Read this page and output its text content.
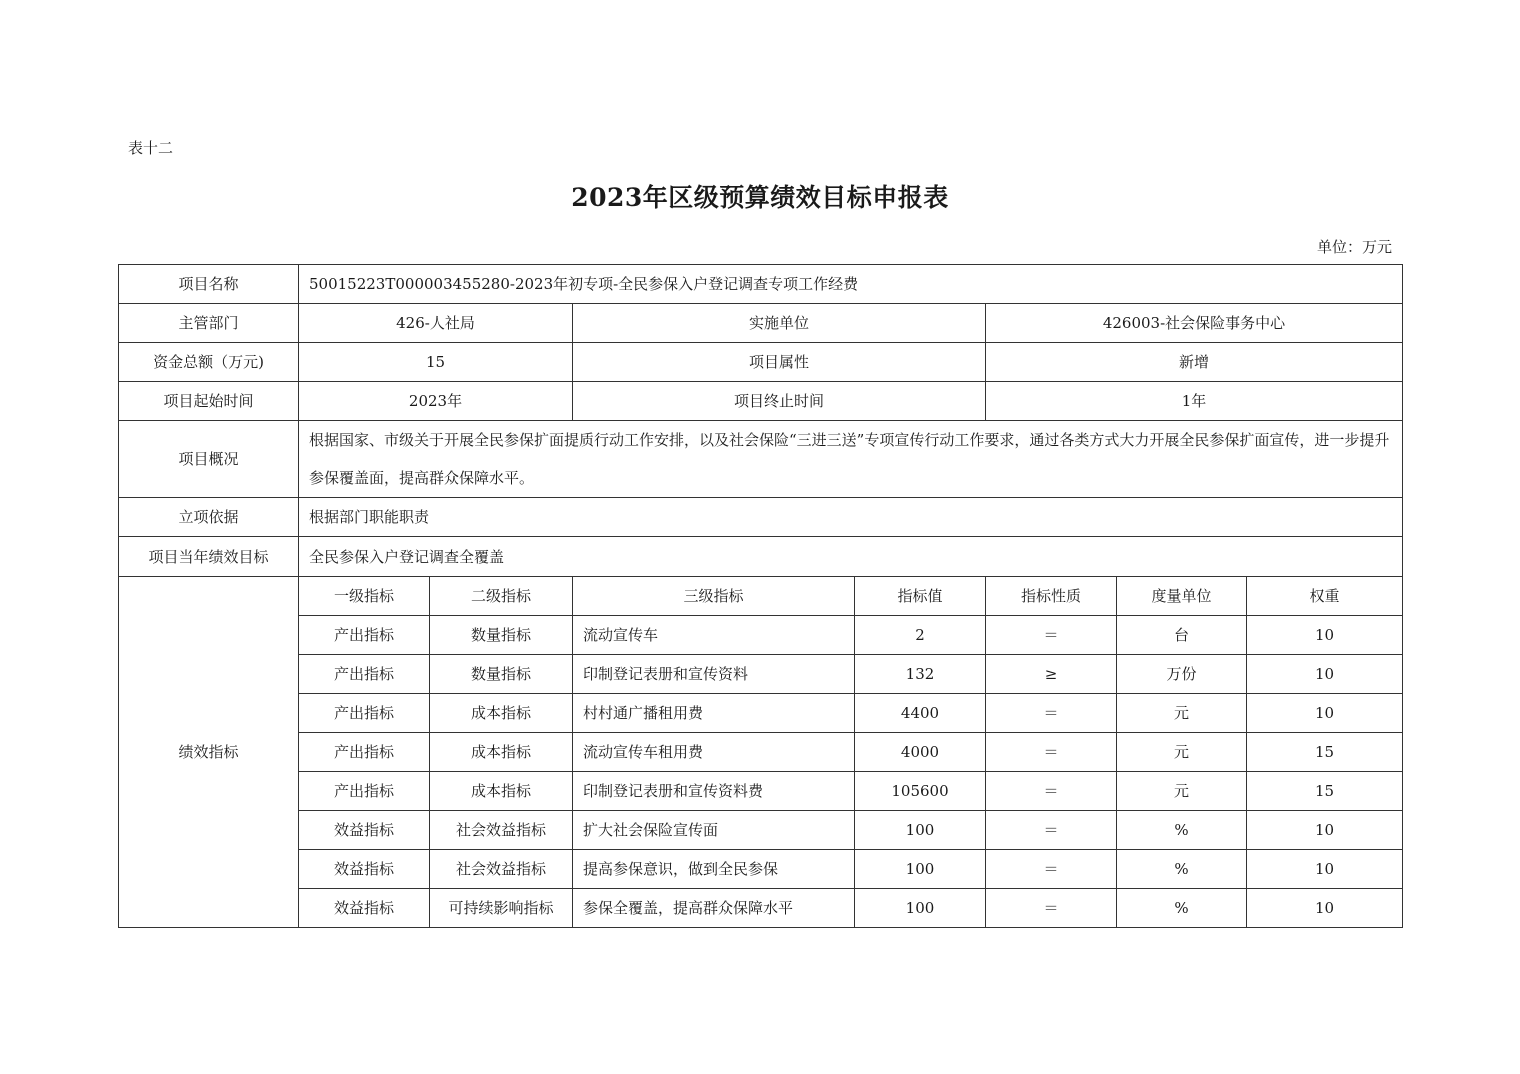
表十二
2023年区级预算绩效目标申报表
单位：万元
项目名称	50015223T000003455280-2023年初专项-全民参保入户登记调查专项工作经费						
主管部门	426-人社局		实施单位		426003-社会保险事务中心		
资金总额（万元)	15		项目属性		新增		
项目起始时间	2023年		项目终止时间		1年		
项目概况	根据国家、市级关于开展全民参保扩面提质行动工作安排，以及社会保险“三进三送”专项宣传行动工作要求，通过各类方式大力开展全民参保扩面宣传，进一步提升参保覆盖面，提高群众保障水平。						
立项依据	根据部门职能职责						
项目当年绩效目标	全民参保入户登记调查全覆盖						
绩效指标	一级指标	二级指标	三级指标	指标值	指标性质	度量单位	权重
	产出指标	数量指标	流动宣传车	2	＝	台	10
	产出指标	数量指标	印制登记表册和宣传资料	132	≥	万份	10
	产出指标	成本指标	村村通广播租用费	4400	＝	元	10
	产出指标	成本指标	流动宣传车租用费	4000	＝	元	15
	产出指标	成本指标	印制登记表册和宣传资料费	105600	＝	元	15
	效益指标	社会效益指标	扩大社会保险宣传面	100	＝	%	10
	效益指标	社会效益指标	提高参保意识，做到全民参保	100	＝	%	10
	效益指标	可持续影响指标	参保全覆盖，提高群众保障水平	100	＝	%	10
